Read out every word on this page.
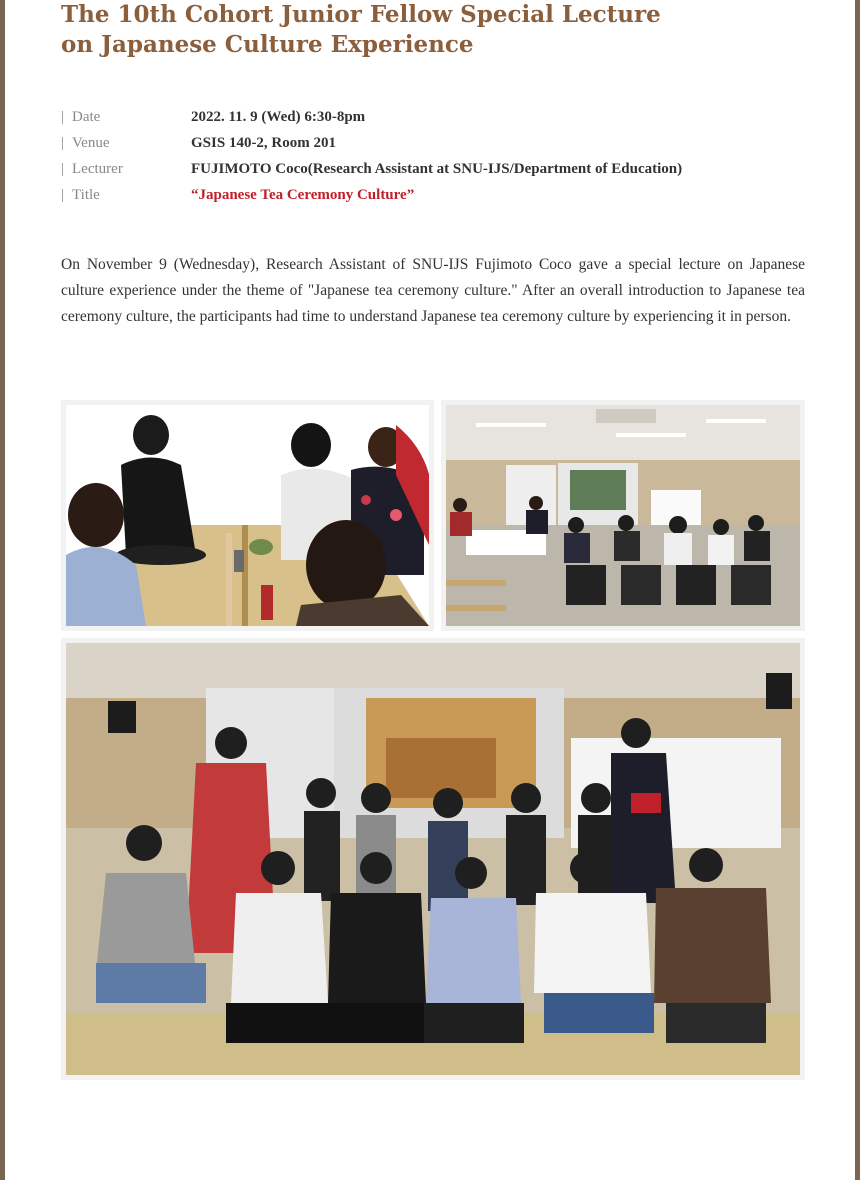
The 10th Cohort Junior Fellow Special Lecture
on Japanese Culture Experience
| Date	2022. 11. 9 (Wed) 6:30-8pm
| Venue	GSIS 140-2, Room 201
| Lecturer	FUJIMOTO Coco(Research Assistant at SNU-IJS/Department of Education)
| Title	“Japanese Tea Ceremony Culture”

On November 9 (Wednesday), Research Assistant of SNU-IJS Fujimoto Coco gave a special lecture on Japanese culture experience under the theme of "Japanese tea ceremony culture." After an overall introduction to Japanese tea ceremony culture, the participants had time to understand Japanese tea ceremony culture by experiencing it in person.
